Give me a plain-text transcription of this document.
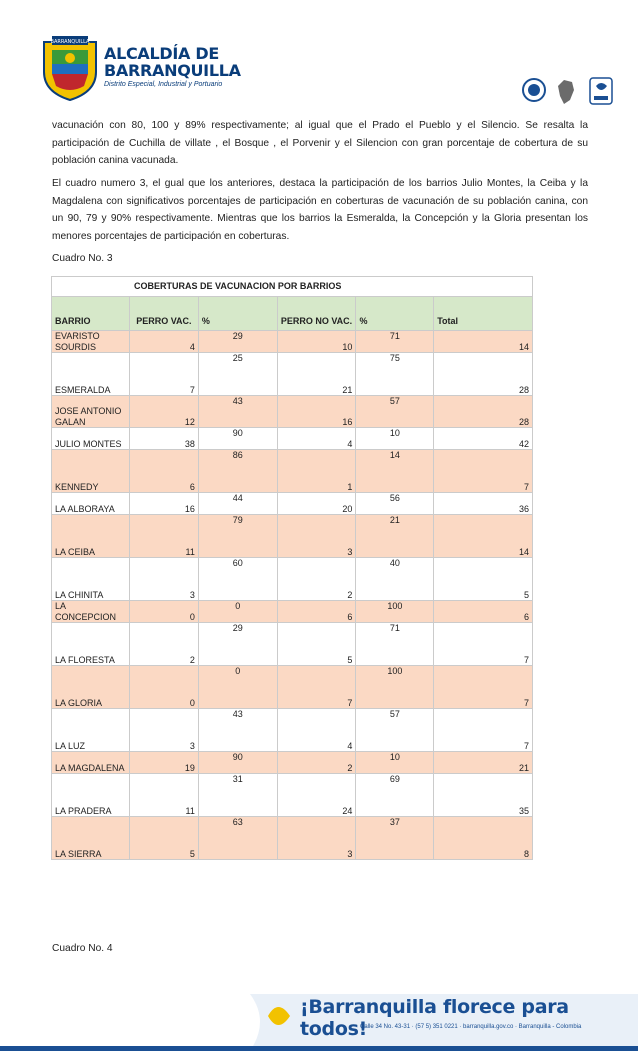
BARRANQUILLA
ALCALDÍA DE
BARRANQUILLA
Distrito Especial, Industrial y Portuario

vacunación con 80, 100 y 89% respectivamente; al igual que el Prado el Pueblo y el Silencio. Se resalta la participación de Cuchilla de villate , el Bosque , el Porvenir y el Silencion con gran porcentaje de cobertura de su población canina vacunada.

El cuadro numero 3, el gual que los anteriores, destaca la participación de los barrios Julio Montes, la Ceiba y la Magdalena con significativos porcentajes de participación en coberturas de vacunación de su población canina, con un 90, 79 y 90% respectivamente. Mientras que los barrios la Esmeralda, la Concepción y la Gloria presentan los menores porcentajes de participación en coberturas.

Cuadro No. 3

COBERTURAS DE VACUNACION POR BARRIOS					
BARRIO	PERRO VAC.	%	PERRO NO VAC.	%	Total
EVARISTO SOURDIS	4	29	10	71	14
ESMERALDA	7	25	21	75	28
JOSE ANTONIO GALAN	12	43	16	57	28
JULIO MONTES	38	90	4	10	42
KENNEDY	6	86	1	14	7
LA ALBORAYA	16	44	20	56	36
LA CEIBA	11	79	3	21	14
LA CHINITA	3	60	2	40	5
LA CONCEPCION	0	0	6	100	6
LA FLORESTA	2	29	5	71	7
LA GLORIA	0	0	7	100	7
LA LUZ	3	43	4	57	7
LA MAGDALENA	19	90	2	10	21
LA PRADERA	11	31	24	69	35
LA SIERRA	5	63	3	37	8

Cuadro No. 4

¡Barranquilla florece para todos!
Calle 34 No. 43-31 · (57 5) 351 0221 · barranquilla.gov.co · Barranquilla - Colombia
